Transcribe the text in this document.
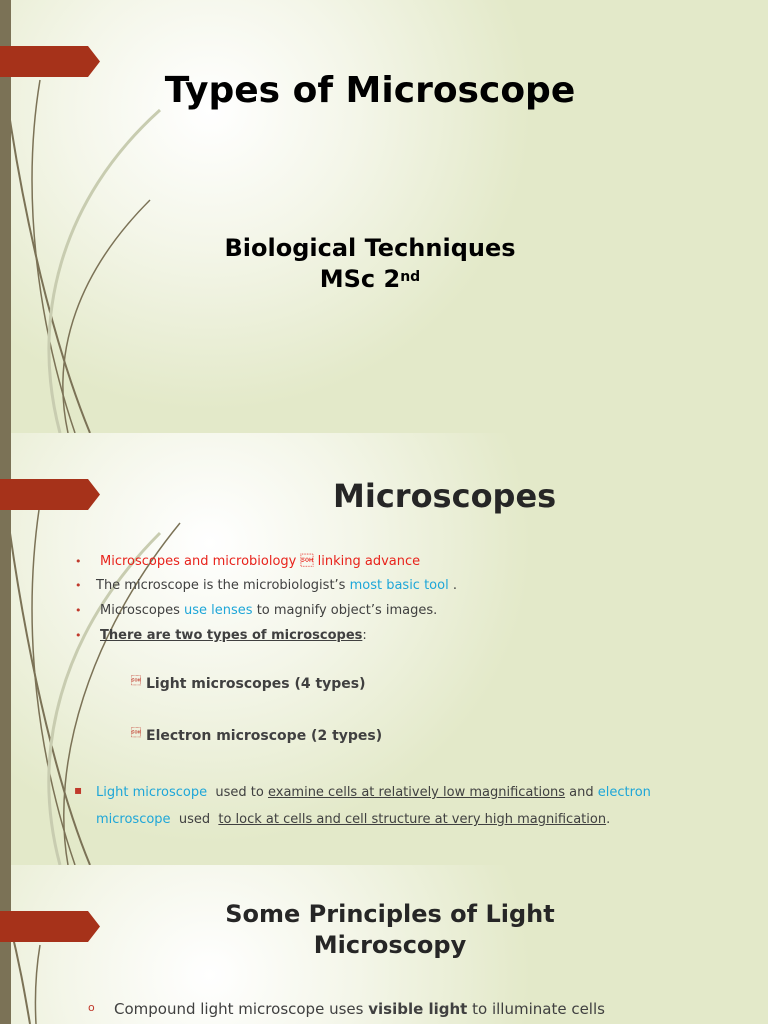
Types of Microscope
Biological Techniques
MSc 2nd
Microscopes
• Microscopes and microbiology  linking advance
• The microscope is the microbiologist’s most basic tool .
• Microscopes use lenses to magnify object’s images.
• There are two types of microscopes:
 Light microscopes (4 types)
 Electron microscope (2 types)
▪ Light microscope  used to examine cells at relatively low magnifications and electron
microscope  used  to lock at cells and cell structure at very high magnification.
Some Principles of Light
Microscopy
o Compound light microscope uses visible light to illuminate cells
